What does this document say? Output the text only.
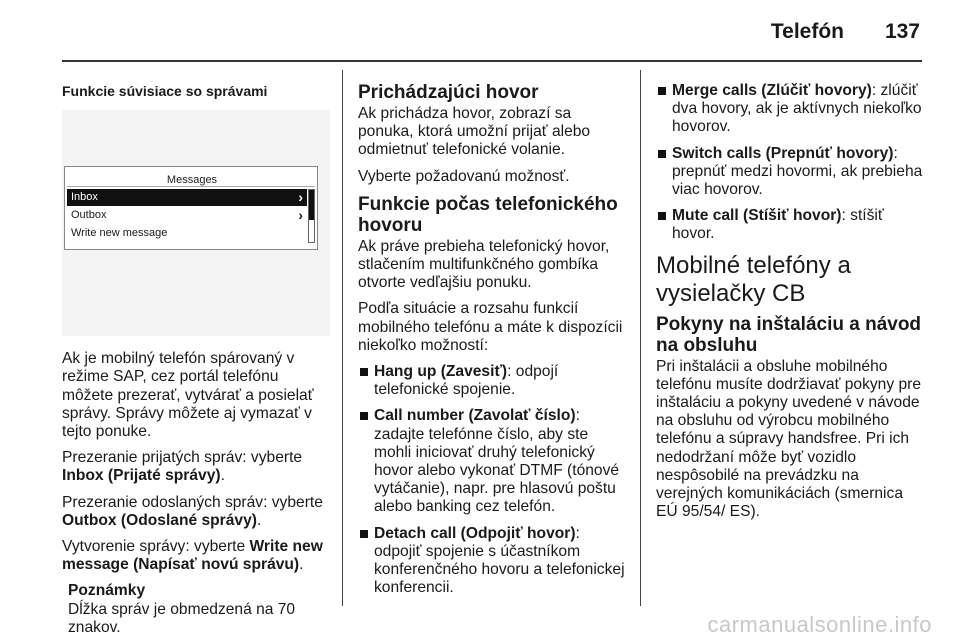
Telefón 137
Funkcie súvisiace so správami
Messages
Inbox	›
Outbox	›
Write new message

Ak je mobilný telefón spárovaný v režime SAP, cez portál telefónu môžete prezerať, vytvárať a posielať správy. Správy môžete aj vymazať v tejto ponuke.

Prezeranie prijatých správ: vyberte Inbox (Prijaté správy).

Prezeranie odoslaných správ: vyberte Outbox (Odoslané správy).

Vytvorenie správy: vyberte Write new message (Napísať novú správu).

Poznámky
Dĺžka správ je obmedzená na 70 znakov.
Prichádzajúci hovor

Ak prichádza hovor, zobrazí sa ponuka, ktorá umožní prijať alebo odmietnuť telefonické volanie.

Vyberte požadovanú možnosť.

Funkcie počas telefonického hovoru

Ak práve prebieha telefonický hovor, stlačením multifunkčného gombíka otvorte vedľajšiu ponuku.

Podľa situácie a rozsahu funkcií mobilného telefónu a máte k dispozícii niekoľko možností:

Hang up (Zavesiť): odpojí telefonické spojenie.
Call number (Zavolať číslo): zadajte telefónne číslo, aby ste mohli iniciovať druhý telefonický hovor alebo vykonať DTMF (tónové vytáčanie), napr. pre hlasovú poštu alebo banking cez telefón.
Detach call (Odpojiť hovor): odpojiť spojenie s účastníkom konferenčného hovoru a telefonickej konferencii.
Merge calls (Zlúčiť hovory): zlúčiť dva hovory, ak je aktívnych niekoľko hovorov.
Switch calls (Prepnúť hovory): prepnúť medzi hovormi, ak prebieha viac hovorov.
Mute call (Stíšiť hovor): stíšiť hovor.
Mobilné telefóny a vysielačky CB
Pokyny na inštaláciu a návod na obsluhu

Pri inštalácii a obsluhe mobilného telefónu musíte dodržiavať pokyny pre inštaláciu a pokyny uvedené v návode na obsluhu od výrobcu mobilného telefónu a súpravy handsfree. Pri ich nedodržaní môže byť vozidlo nespôsobilé na prevádzku na verejných komunikáciách (smernica EÚ 95/54/ ES).

carmanualsonline.info
